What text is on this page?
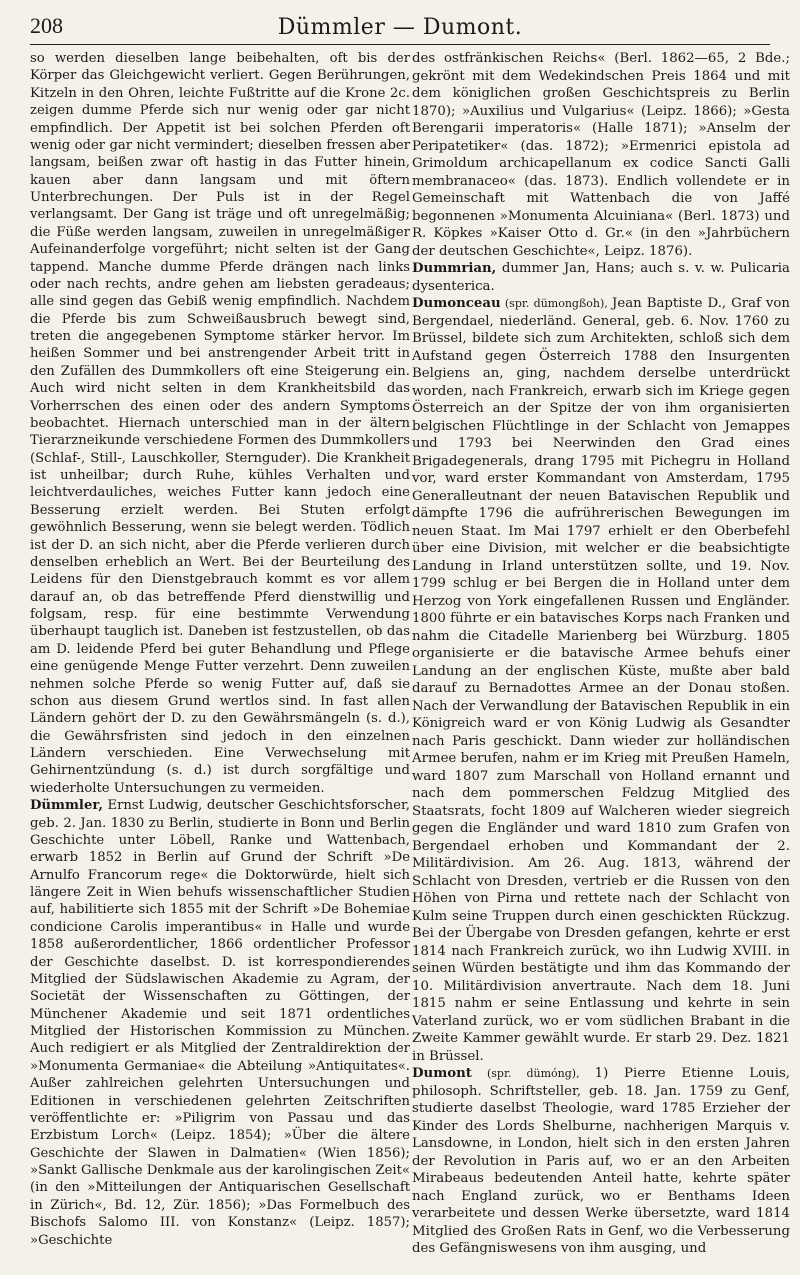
208	Dümmler — Dumont.

so werden dieselben lange beibehalten, oft bis der Körper das Gleichgewicht verliert. Gegen Berührungen, Kitzeln in den Ohren, leichte Fußtritte auf die Krone 2c. zeigen dumme Pferde sich nur wenig oder gar nicht empfindlich. Der Appetit ist bei solchen Pferden oft wenig oder gar nicht vermindert; dieselben fressen aber langsam, beißen zwar oft hastig in das Futter hinein, kauen aber dann langsam und mit öftern Unterbrechungen. Der Puls ist in der Regel verlangsamt. Der Gang ist träge und oft unregelmäßig; die Füße werden langsam, zuweilen in unregelmäßiger Aufeinanderfolge vorgeführt; nicht selten ist der Gang tappend. Manche dumme Pferde drängen nach links oder nach rechts, andre gehen am liebsten geradeaus; alle sind gegen das Gebiß wenig empfindlich. Nachdem die Pferde bis zum Schweißausbruch bewegt sind, treten die angegebenen Symptome stärker hervor. Im heißen Sommer und bei anstrengender Arbeit tritt in den Zufällen des Dummkollers oft eine Steigerung ein. Auch wird nicht selten in dem Krankheitsbild das Vorherrschen des einen oder des andern Symptoms beobachtet. Hiernach unterschied man in der ältern Tierarzneikunde verschiedene Formen des Dummkollers (Schlaf-, Still-, Lauschkoller, Sternguder). Die Krankheit ist unheilbar; durch Ruhe, kühles Verhalten und leichtverdauliches, weiches Futter kann jedoch eine Besserung erzielt werden. Bei Stuten erfolgt gewöhnlich Besserung, wenn sie belegt werden. Tödlich ist der D. an sich nicht, aber die Pferde verlieren durch denselben erheblich an Wert. Bei der Beurteilung des Leidens für den Dienstgebrauch kommt es vor allem darauf an, ob das betreffende Pferd dienstwillig und folgsam, resp. für eine bestimmte Verwendung überhaupt tauglich ist. Daneben ist festzustellen, ob das am D. leidende Pferd bei guter Behandlung und Pflege eine genügende Menge Futter verzehrt. Denn zuweilen nehmen solche Pferde so wenig Futter auf, daß sie schon aus diesem Grund wertlos sind. In fast allen Ländern gehört der D. zu den Gewährsmängeln (s. d.), die Gewährsfristen sind jedoch in den einzelnen Ländern verschieden. Eine Verwechselung mit Gehirnentzündung (s. d.) ist durch sorgfältige und wiederholte Untersuchungen zu vermeiden.

Dümmler, Ernst Ludwig, deutscher Geschichtsforscher, geb. 2. Jan. 1830 zu Berlin, studierte in Bonn und Berlin Geschichte unter Löbell, Ranke und Wattenbach, erwarb 1852 in Berlin auf Grund der Schrift »De Arnulfo Francorum rege« die Doktorwürde, hielt sich längere Zeit in Wien behufs wissenschaftlicher Studien auf, habilitierte sich 1855 mit der Schrift »De Bohemiae condicione Carolis imperantibus« in Halle und wurde 1858 außerordentlicher, 1866 ordentlicher Professor der Geschichte daselbst. D. ist korrespondierendes Mitglied der Südslawischen Akademie zu Agram, der Societät der Wissenschaften zu Göttingen, der Münchener Akademie und seit 1871 ordentliches Mitglied der Historischen Kommission zu München. Auch redigiert er als Mitglied der Zentraldirektion der »Monumenta Germaniae« die Abteilung »Antiquitates«. Außer zahlreichen gelehrten Untersuchungen und Editionen in verschiedenen gelehrten Zeitschriften veröffentlichte er: »Piligrim von Passau und das Erzbistum Lorch« (Leipz. 1854); »Über die ältere Geschichte der Slawen in Dalmatien« (Wien 1856); »Sankt Gallische Denkmale aus der karolingischen Zeit« (in den »Mitteilungen der Antiquarischen Gesellschaft in Zürich«, Bd. 12, Zür. 1856); »Das Formelbuch des Bischofs Salomo III. von Konstanz« (Leipz. 1857); »Geschichte

des ostfränkischen Reichs« (Berl. 1862—65, 2 Bde.; gekrönt mit dem Wedekindschen Preis 1864 und mit dem königlichen großen Geschichtspreis zu Berlin 1870); »Auxilius und Vulgarius« (Leipz. 1866); »Gesta Berengarii imperatoris« (Halle 1871); »Anselm der Peripatetiker« (das. 1872); »Ermenrici epistola ad Grimoldum archicapellanum ex codice Sancti Galli membranaceo« (das. 1873). Endlich vollendete er in Gemeinschaft mit Wattenbach die von Jaffé begonnenen »Monumenta Alcuiniana« (Berl. 1873) und R. Köpkes »Kaiser Otto d. Gr.« (in den »Jahrbüchern der deutschen Geschichte«, Leipz. 1876).

Dummrian, dummer Jan, Hans; auch s. v. w. Pulicaria dysenterica.

Dumonceau (spr. dümongßoh), Jean Baptiste D., Graf von Bergendael, niederländ. General, geb. 6. Nov. 1760 zu Brüssel, bildete sich zum Architekten, schloß sich dem Aufstand gegen Österreich 1788 den Insurgenten Belgiens an, ging, nachdem derselbe unterdrückt worden, nach Frankreich, erwarb sich im Kriege gegen Österreich an der Spitze der von ihm organisierten belgischen Flüchtlinge in der Schlacht von Jemappes und 1793 bei Neerwinden den Grad eines Brigadegenerals, drang 1795 mit Pichegru in Holland vor, ward erster Kommandant von Amsterdam, 1795 Generalleutnant der neuen Batavischen Republik und dämpfte 1796 die aufrührerischen Bewegungen im neuen Staat. Im Mai 1797 erhielt er den Oberbefehl über eine Division, mit welcher er die beabsichtigte Landung in Irland unterstützen sollte, und 19. Nov. 1799 schlug er bei Bergen die in Holland unter dem Herzog von York eingefallenen Russen und Engländer. 1800 führte er ein batavisches Korps nach Franken und nahm die Citadelle Marienberg bei Würzburg. 1805 organisierte er die batavische Armee behufs einer Landung an der englischen Küste, mußte aber bald darauf zu Bernadottes Armee an der Donau stoßen. Nach der Verwandlung der Batavischen Republik in ein Königreich ward er von König Ludwig als Gesandter nach Paris geschickt. Dann wieder zur holländischen Armee berufen, nahm er im Krieg mit Preußen Hameln, ward 1807 zum Marschall von Holland ernannt und nach dem pommerschen Feldzug Mitglied des Staatsrats, focht 1809 auf Walcheren wieder siegreich gegen die Engländer und ward 1810 zum Grafen von Bergendael erhoben und Kommandant der 2. Militärdivision. Am 26. Aug. 1813, während der Schlacht von Dresden, vertrieb er die Russen von den Höhen von Pirna und rettete nach der Schlacht von Kulm seine Truppen durch einen geschickten Rückzug. Bei der Übergabe von Dresden gefangen, kehrte er erst 1814 nach Frankreich zurück, wo ihn Ludwig XVIII. in seinen Würden bestätigte und ihm das Kommando der 10. Militärdivision anvertraute. Nach dem 18. Juni 1815 nahm er seine Entlassung und kehrte in sein Vaterland zurück, wo er vom südlichen Brabant in die Zweite Kammer gewählt wurde. Er starb 29. Dez. 1821 in Brüssel.

Dumont (spr. dümóng), 1) Pierre Etienne Louis, philosoph. Schriftsteller, geb. 18. Jan. 1759 zu Genf, studierte daselbst Theologie, ward 1785 Erzieher der Kinder des Lords Shelburne, nachherigen Marquis v. Lansdowne, in London, hielt sich in den ersten Jahren der Revolution in Paris auf, wo er an den Arbeiten Mirabeaus bedeutenden Anteil hatte, kehrte später nach England zurück, wo er Benthams Ideen verarbeitete und dessen Werke übersetzte, ward 1814 Mitglied des Großen Rats in Genf, wo die Verbesserung des Gefängniswesens von ihm ausging, und
